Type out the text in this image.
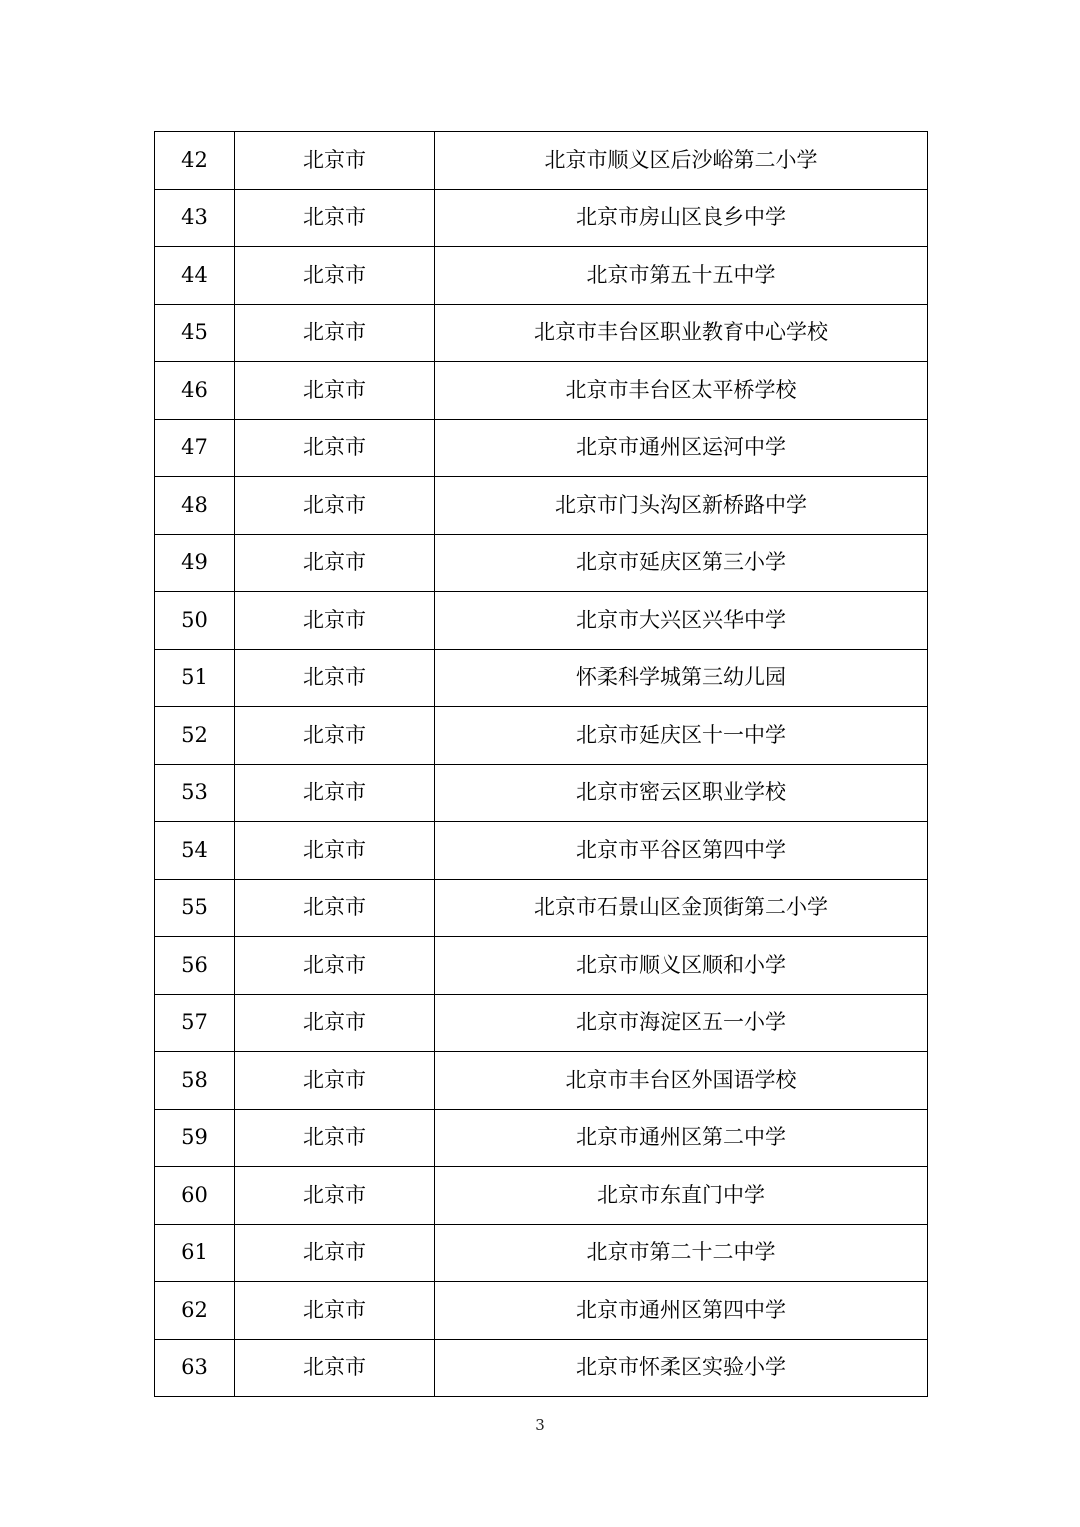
42	北京市	北京市顺义区后沙峪第二小学
43	北京市	北京市房山区良乡中学
44	北京市	北京市第五十五中学
45	北京市	北京市丰台区职业教育中心学校
46	北京市	北京市丰台区太平桥学校
47	北京市	北京市通州区运河中学
48	北京市	北京市门头沟区新桥路中学
49	北京市	北京市延庆区第三小学
50	北京市	北京市大兴区兴华中学
51	北京市	怀柔科学城第三幼儿园
52	北京市	北京市延庆区十一中学
53	北京市	北京市密云区职业学校
54	北京市	北京市平谷区第四中学
55	北京市	北京市石景山区金顶街第二小学
56	北京市	北京市顺义区顺和小学
57	北京市	北京市海淀区五一小学
58	北京市	北京市丰台区外国语学校
59	北京市	北京市通州区第二中学
60	北京市	北京市东直门中学
61	北京市	北京市第二十二中学
62	北京市	北京市通州区第四中学
63	北京市	北京市怀柔区实验小学
3
